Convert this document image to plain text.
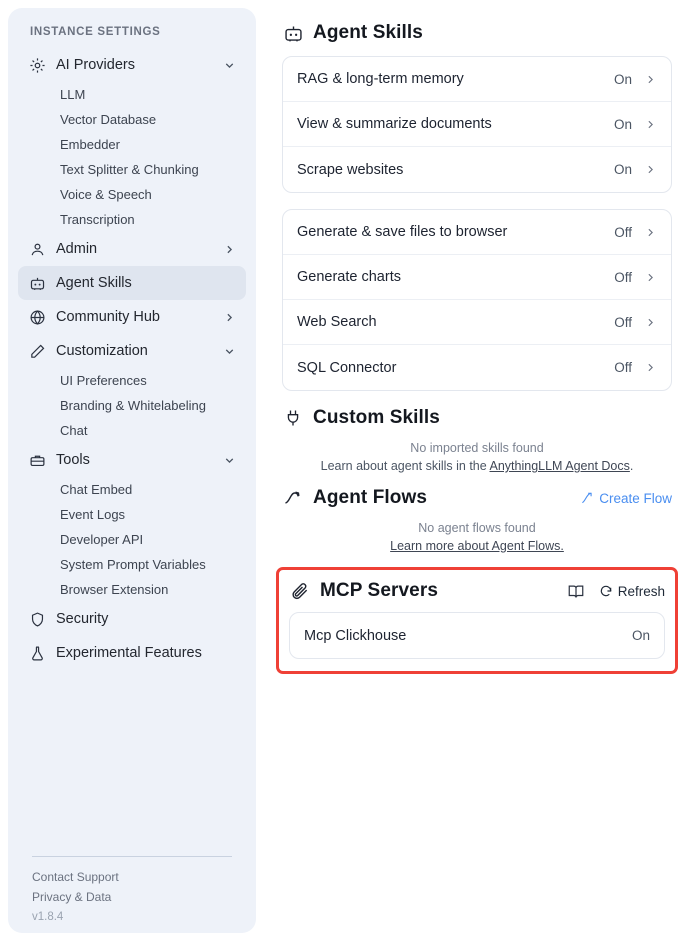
INSTANCE SETTINGS
AI Providers
LLM
Vector Database
Embedder
Text Splitter & Chunking
Voice & Speech
Transcription
Admin
Agent Skills
Community Hub
Customization
UI Preferences
Branding & Whitelabeling
Chat
Tools
Chat Embed
Event Logs
Developer API
System Prompt Variables
Browser Extension
Security
Experimental Features
Contact Support
Privacy & Data
v1.8.4
Agent Skills
RAG & long-term memory	On
View & summarize documents	On
Scrape websites	On
Generate & save files to browser	Off
Generate charts	Off
Web Search	Off
SQL Connector	Off
Custom Skills
No imported skills found
Learn about agent skills in the AnythingLLM Agent Docs.
Agent Flows	Create Flow
No agent flows found
Learn more about Agent Flows.
MCP Servers	Refresh
Mcp Clickhouse	On
